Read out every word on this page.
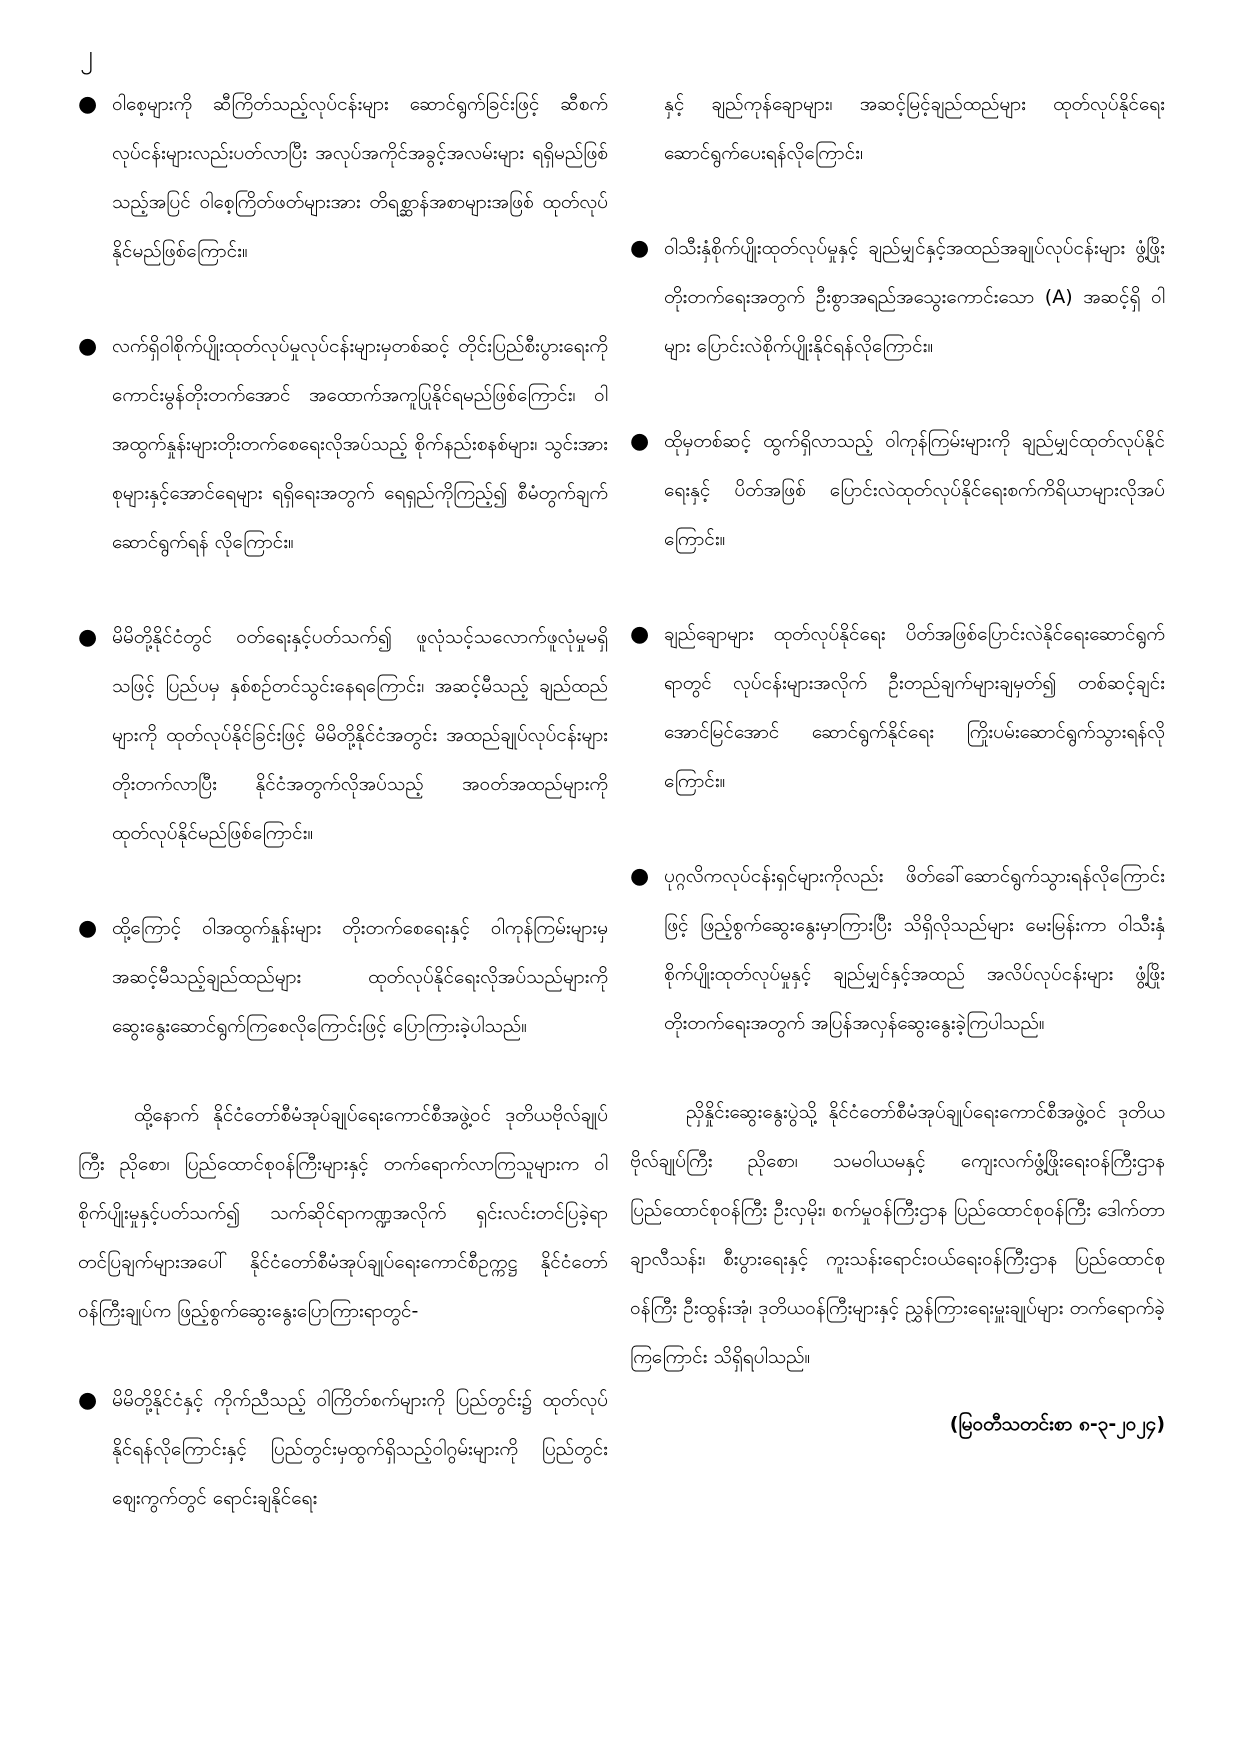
၂
● ဝါစေ့များကို ဆီကြိတ်သည့်လုပ်ငန်းများ ဆောင်ရွက်ခြင်းဖြင့် ဆီစက်လုပ်ငန်းများလည်းပတ်လာပြီး အလုပ်အကိုင်အခွင့်အလမ်းများ ရရှိမည်ဖြစ်သည့်အပြင် ဝါစေ့ကြိတ်ဖတ်များအား တိရစ္ဆာန်အစာများအဖြစ် ထုတ်လုပ်နိုင်မည်ဖြစ်ကြောင်း။
● လက်ရှိဝါစိုက်ပျိုးထုတ်လုပ်မှုလုပ်ငန်းများမှတစ်ဆင့် တိုင်းပြည်စီးပွားရေးကို ကောင်းမွန်တိုးတက်အောင် အထောက်အကူပြုနိုင်ရမည်ဖြစ်ကြောင်း၊ ဝါအထွက်နှုန်းများတိုးတက်စေရေးလိုအပ်သည့် စိုက်နည်းစနစ်များ၊ သွင်းအားစုများနှင့်အောင်ရေများ ရရှိရေးအတွက် ရေရှည်ကိုကြည့်၍ စီမံတွက်ချက်ဆောင်ရွက်ရန် လိုကြောင်း။
● မိမိတို့နိုင်ငံတွင် ဝတ်ရေးနှင့်ပတ်သက်၍ ဖူလုံသင့်သလောက်ဖူလုံမှုမရှိသဖြင့် ပြည်ပမှ နှစ်စဉ်တင်သွင်းနေရကြောင်း၊ အဆင့်မီသည့် ချည်ထည်များကို ထုတ်လုပ်နိုင်ခြင်းဖြင့် မိမိတို့နိုင်ငံအတွင်း အထည်ချုပ်လုပ်ငန်းများ တိုးတက်လာပြီး နိုင်ငံအတွက်လိုအပ်သည့် အဝတ်အထည်များကို ထုတ်လုပ်နိုင်မည်ဖြစ်ကြောင်း။
● ထို့ကြောင့် ဝါအထွက်နှုန်းများ တိုးတက်စေရေးနှင့် ဝါကုန်ကြမ်းများမှ အဆင့်မီသည့်ချည်ထည်များ ထုတ်လုပ်နိုင်ရေးလိုအပ်သည်များကို ဆွေးနွေးဆောင်ရွက်ကြစေလိုကြောင်းဖြင့် ပြောကြားခဲ့ပါသည်။

ထို့နောက် နိုင်ငံတော်စီမံအုပ်ချုပ်ရေးကောင်စီအဖွဲ့ဝင် ဒုတိယဗိုလ်ချုပ်ကြီး ညိုစော၊ ပြည်ထောင်စုဝန်ကြီးများနှင့် တက်ရောက်လာကြသူများက ဝါစိုက်ပျိုးမှုနှင့်ပတ်သက်၍ သက်ဆိုင်ရာကဏ္ဍအလိုက် ရှင်းလင်းတင်ပြခဲ့ရာ တင်ပြချက်များအပေါ် နိုင်ငံတော်စီမံအုပ်ချုပ်ရေးကောင်စီဥက္ကဋ္ဌ နိုင်ငံတော်ဝန်ကြီးချုပ်က ဖြည့်စွက်ဆွေးနွေးပြောကြားရာတွင်-

● မိမိတို့နိုင်ငံနှင့် ကိုက်ညီသည့် ဝါကြိတ်စက်များကို ပြည်တွင်း၌ ထုတ်လုပ်နိုင်ရန်လိုကြောင်းနှင့် ပြည်တွင်းမှထွက်ရှိသည့်ဝါဂွမ်းများကို ပြည်တွင်းဈေးကွက်တွင် ရောင်းချနိုင်ရေး

နှင့် ချည်ကုန်ချောများ၊ အဆင့်မြင့်ချည်ထည်များ ထုတ်လုပ်နိုင်ရေး ဆောင်ရွက်ပေးရန်လိုကြောင်း၊

● ဝါသီးနှံစိုက်ပျိုးထုတ်လုပ်မှုနှင့် ချည်မျှင်နှင့်အထည်အချုပ်လုပ်ငန်းများ ဖွံ့ဖြိုးတိုးတက်ရေးအတွက် ဦးစွာအရည်အသွေးကောင်းသော (A) အဆင့်ရှိ ဝါများ ပြောင်းလဲစိုက်ပျိုးနိုင်ရန်လိုကြောင်း။
● ထိုမှတစ်ဆင့် ထွက်ရှိလာသည့် ဝါကုန်ကြမ်းများကို ချည်မျှင်ထုတ်လုပ်နိုင်ရေးနှင့် ပိတ်အဖြစ် ပြောင်းလဲထုတ်လုပ်နိုင်ရေးစက်ကိရိယာများလိုအပ်ကြောင်း။
● ချည်ချောများ ထုတ်လုပ်နိုင်ရေး ပိတ်အဖြစ်ပြောင်းလဲနိုင်ရေးဆောင်ရွက်ရာတွင် လုပ်ငန်းများအလိုက် ဦးတည်ချက်များချမှတ်၍ တစ်ဆင့်ချင်း အောင်မြင်အောင် ဆောင်ရွက်နိုင်ရေး ကြိုးပမ်းဆောင်ရွက်သွားရန်လိုကြောင်း။
● ပုဂ္ဂလိကလုပ်ငန်းရှင်များကိုလည်း ဖိတ်ခေါ်ဆောင်ရွက်သွားရန်လိုကြောင်းဖြင့် ဖြည့်စွက်ဆွေးနွေးမှာကြားပြီး သိရှိလိုသည်များ မေးမြန်းကာ ဝါသီးနှံစိုက်ပျိုးထုတ်လုပ်မှုနှင့် ချည်မျှင်နှင့်အထည် အလိပ်လုပ်ငန်းများ ဖွံ့ဖြိုးတိုးတက်ရေးအတွက် အပြန်အလှန်ဆွေးနွေးခဲ့ကြပါသည်။

ညှိနှိုင်းဆွေးနွေးပွဲသို့ နိုင်ငံတော်စီမံအုပ်ချုပ်ရေးကောင်စီအဖွဲ့ဝင် ဒုတိယဗိုလ်ချုပ်ကြီး ညိုစော၊ သမဝါယမနှင့် ကျေးလက်ဖွံ့ဖြိုးရေးဝန်ကြီးဌာန ပြည်ထောင်စုဝန်ကြီး ဦးလှမိုး၊ စက်မှုဝန်ကြီးဌာန ပြည်ထောင်စုဝန်ကြီး ဒေါက်တာချာလီသန်း၊ စီးပွားရေးနှင့် ကူးသန်းရောင်းဝယ်ရေးဝန်ကြီးဌာန ပြည်ထောင်စုဝန်ကြီး ဦးထွန်းအုံ၊ ဒုတိယဝန်ကြီးများနှင့် ညွှန်ကြားရေးမှူးချုပ်များ တက်ရောက်ခဲ့ကြကြောင်း သိရှိရပါသည်။

(မြဝတီသတင်းစာ ၈-၃-၂၀၂၄)
